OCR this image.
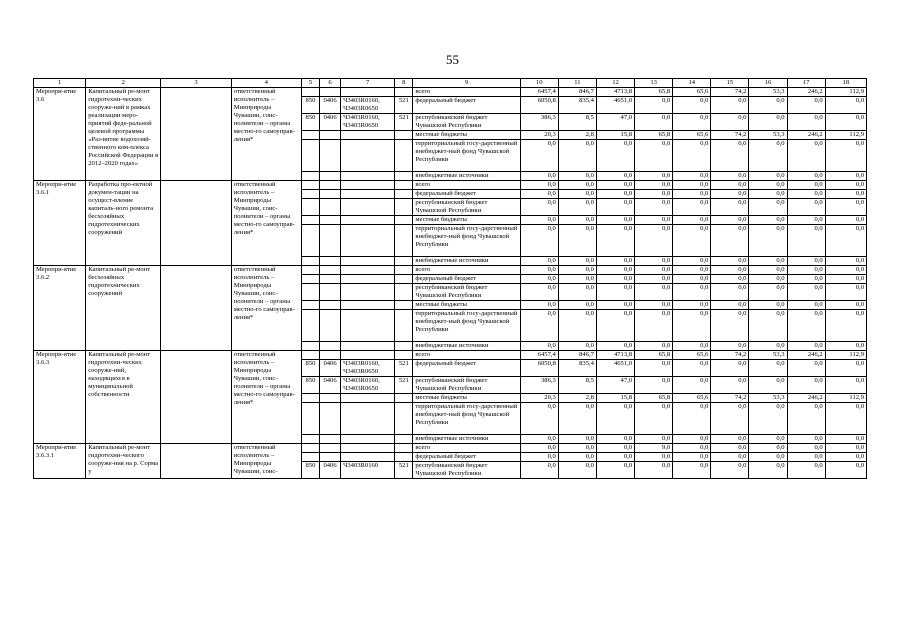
55
1	2	3	4	5	6	7	8	9	10	11	12	13	14	15	16	17	18
Меропри-ятие 3.6	Капитальный ре-монт гидротехни-ческих сооруже-ний в рамках реализации меро-приятий феде-ральной целевой программы «Раз-витие водохозяй-ственного ком-плекса Российской Федерации в 2012–2020 годах»		ответственный исполнитель – Минприроды Чувашии, соис-полнители – органы местно-го самоуправ-ления*					всего	6457,4	846,7	4713,8	65,8	65,6	74,2	53,3	246,2	112,9
				850	0406	Ч3403R0160, Ч3403R0650	521	федеральный бюджет	6050,8	835,4	4651,0	0,0	0,0	0,0	0,0	0,0	0,0
				850	0406	Ч3403R0160, Ч3403R0650	521	республиканский бюджет Чувашской Республики	386,3	8,5	47,0	0,0	0,0	0,0	0,0	0,0	0,0
								местные бюджеты	20,3	2,8	15,8	65,8	65,6	74,2	53,3	246,2	112,9
								территориальный госу-дарственный внебюджет-ный фонд Чувашской Республики	0,0	0,0	0,0	0,0	0,0	0,0	0,0	0,0	0,0
								внебюджетные источники	0,0	0,0	0,0	0,0	0,0	0,0	0,0	0,0	0,0
Меропри-ятие 3.6.1	Разработка про-ектной докумен-тации на осущест-вление капиталь-ного ремонта бесхозяйных гидротехнических сооружений		ответственный исполнитель – Минприроды Чувашии, соис-полнители – органы местно-го самоуправ-ления*					всего	0,0	0,0	0,0	0,0	0,0	0,0	0,0	0,0	0,0
								федеральный бюджет	0,0	0,0	0,0	0,0	0,0	0,0	0,0	0,0	0,0
								республиканский бюджет Чувашской Республики	0,0	0,0	0,0	0,0	0,0	0,0	0,0	0,0	0,0
								местные бюджеты	0,0	0,0	0,0	0,0	0,0	0,0	0,0	0,0	0,0
								территориальный госу-дарственный внебюджет-ный фонд Чувашской Республики	0,0	0,0	0,0	0,0	0,0	0,0	0,0	0,0	0,0
								внебюджетные источники	0,0	0,0	0,0	0,0	0,0	0,0	0,0	0,0	0,0
Меропри-ятие 3.6.2	Капитальный ре-монт бесхозяйных гидротехнических сооружений		ответственный исполнитель – Минприроды Чувашии, соис-полнители – органы местно-го самоуправ-ления*					всего	0,0	0,0	0,0	0,0	0,0	0,0	0,0	0,0	0,0
								федеральный бюджет	0,0	0,0	0,0	0,0	0,0	0,0	0,0	0,0	0,0
								республиканский бюджет Чувашской Республики	0,0	0,0	0,0	0,0	0,0	0,0	0,0	0,0	0,0
								местные бюджеты	0,0	0,0	0,0	0,0	0,0	0,0	0,0	0,0	0,0
								территориальный госу-дарственный внебюджет-ный фонд Чувашской Республики	0,0	0,0	0,0	0,0	0,0	0,0	0,0	0,0	0,0
								внебюджетные источники	0,0	0,0	0,0	0,0	0,0	0,0	0,0	0,0	0,0
Меропри-ятие 3.6.3	Капитальный ре-монт гидротехни-ческих сооруже-ний, находящихся в муниципальной собственности		ответственный исполнитель – Минприроды Чувашии, соис-полнители – органы местно-го самоуправ-ления*					всего	6457,4	846,7	4713,8	65,8	65,6	74,2	53,3	246,2	112,9
				850	0406	Ч3403R0160, Ч3403R0650	521	федеральный бюджет	6050,8	835,4	4651,0	0,0	0,0	0,0	0,0	0,0	0,0
				850	0406	Ч3403R0160, Ч3403R0650	521	республиканский бюджет Чувашской Республики	386,3	8,5	47,0	0,0	0,0	0,0	0,0	0,0	0,0
								местные бюджеты	20,3	2,8	15,8	65,8	65,6	74,2	53,3	246,2	112,9
								территориальный госу-дарственный внебюджет-ный фонд Чувашской Республики	0,0	0,0	0,0	0,0	0,0	0,0	0,0	0,0	0,0
								внебюджетные источники	0,0	0,0	0,0	0,0	0,0	0,0	0,0	0,0	0,0
Меропри-ятие 3.6.3.1	Капитальный ре-монт гидротехни-ческого сооруже-ния на р. Сорма у		ответственный исполнитель – Минприроды Чувашии, соис-					всего	0,0	0,0	0,0	9,0	0,0	0,0	0,0	0,0	0,0
								федеральный бюджет	0,0	0,0	0,0	0,0	0,0	0,0	0,0	0,0	0,0
				850	0406	Ч3403R0160	521	республиканский бюджет Чувашской Республики	0,0	0,0	0,0	0,0	0,0	0,0	0,0	0,0	0,0
